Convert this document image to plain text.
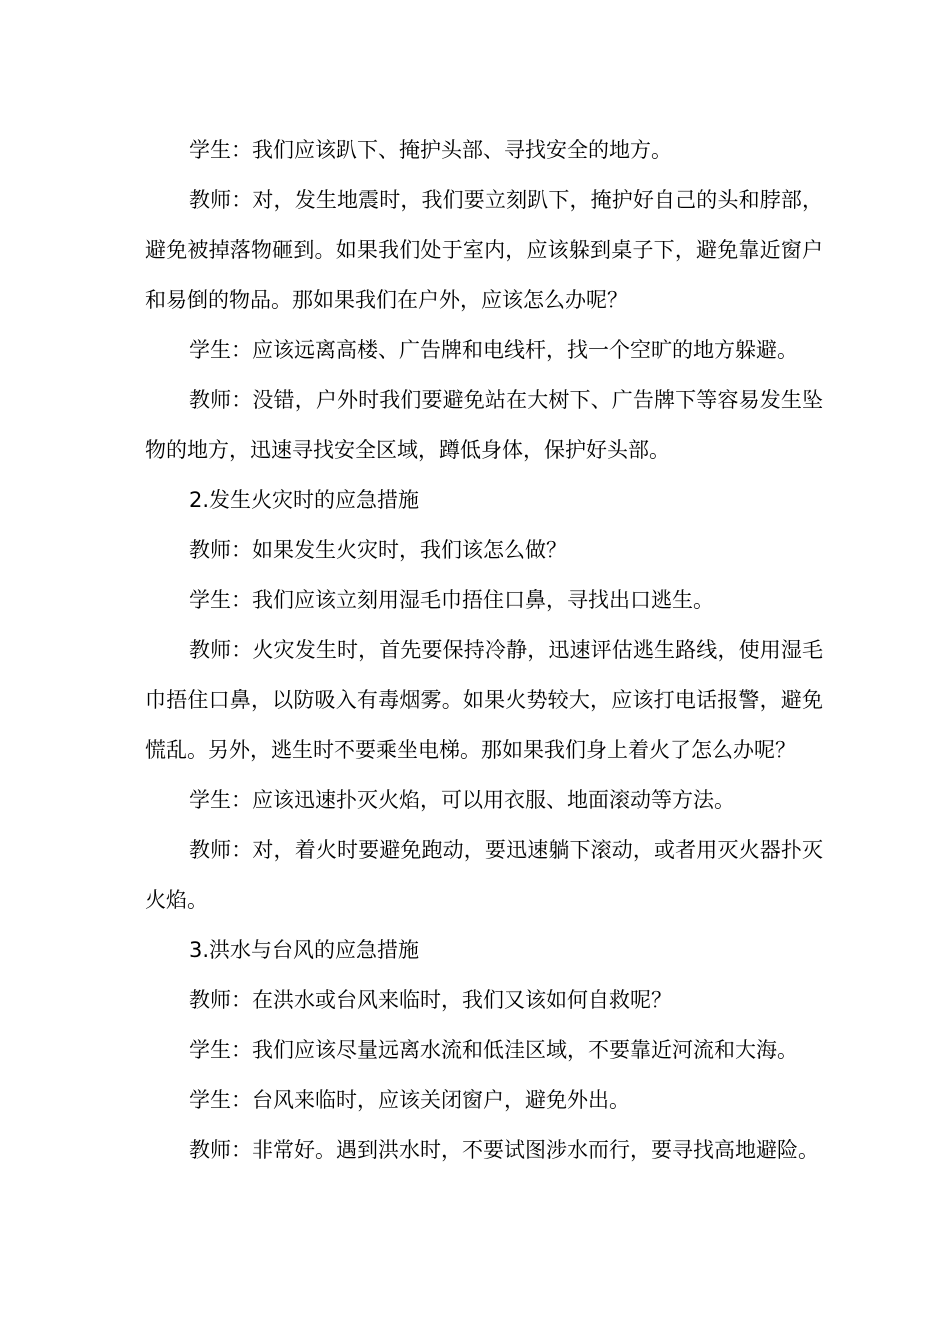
学生：我们应该趴下、掩护头部、寻找安全的地方。

教师：对，发生地震时，我们要立刻趴下，掩护好自己的头和脖部，避免被掉落物砸到。如果我们处于室内，应该躲到桌子下，避免靠近窗户和易倒的物品。那如果我们在户外，应该怎么办呢？

学生：应该远离高楼、广告牌和电线杆，找一个空旷的地方躲避。

教师：没错，户外时我们要避免站在大树下、广告牌下等容易发生坠物的地方，迅速寻找安全区域，蹲低身体，保护好头部。

2.发生火灾时的应急措施

教师：如果发生火灾时，我们该怎么做？

学生：我们应该立刻用湿毛巾捂住口鼻，寻找出口逃生。

教师：火灾发生时，首先要保持冷静，迅速评估逃生路线，使用湿毛巾捂住口鼻，以防吸入有毒烟雾。如果火势较大，应该打电话报警，避免慌乱。另外，逃生时不要乘坐电梯。那如果我们身上着火了怎么办呢？

学生：应该迅速扑灭火焰，可以用衣服、地面滚动等方法。

教师：对，着火时要避免跑动，要迅速躺下滚动，或者用灭火器扑灭火焰。

3.洪水与台风的应急措施

教师：在洪水或台风来临时，我们又该如何自救呢？

学生：我们应该尽量远离水流和低洼区域，不要靠近河流和大海。

学生：台风来临时，应该关闭窗户，避免外出。

教师：非常好。遇到洪水时，不要试图涉水而行，要寻找高地避险。
